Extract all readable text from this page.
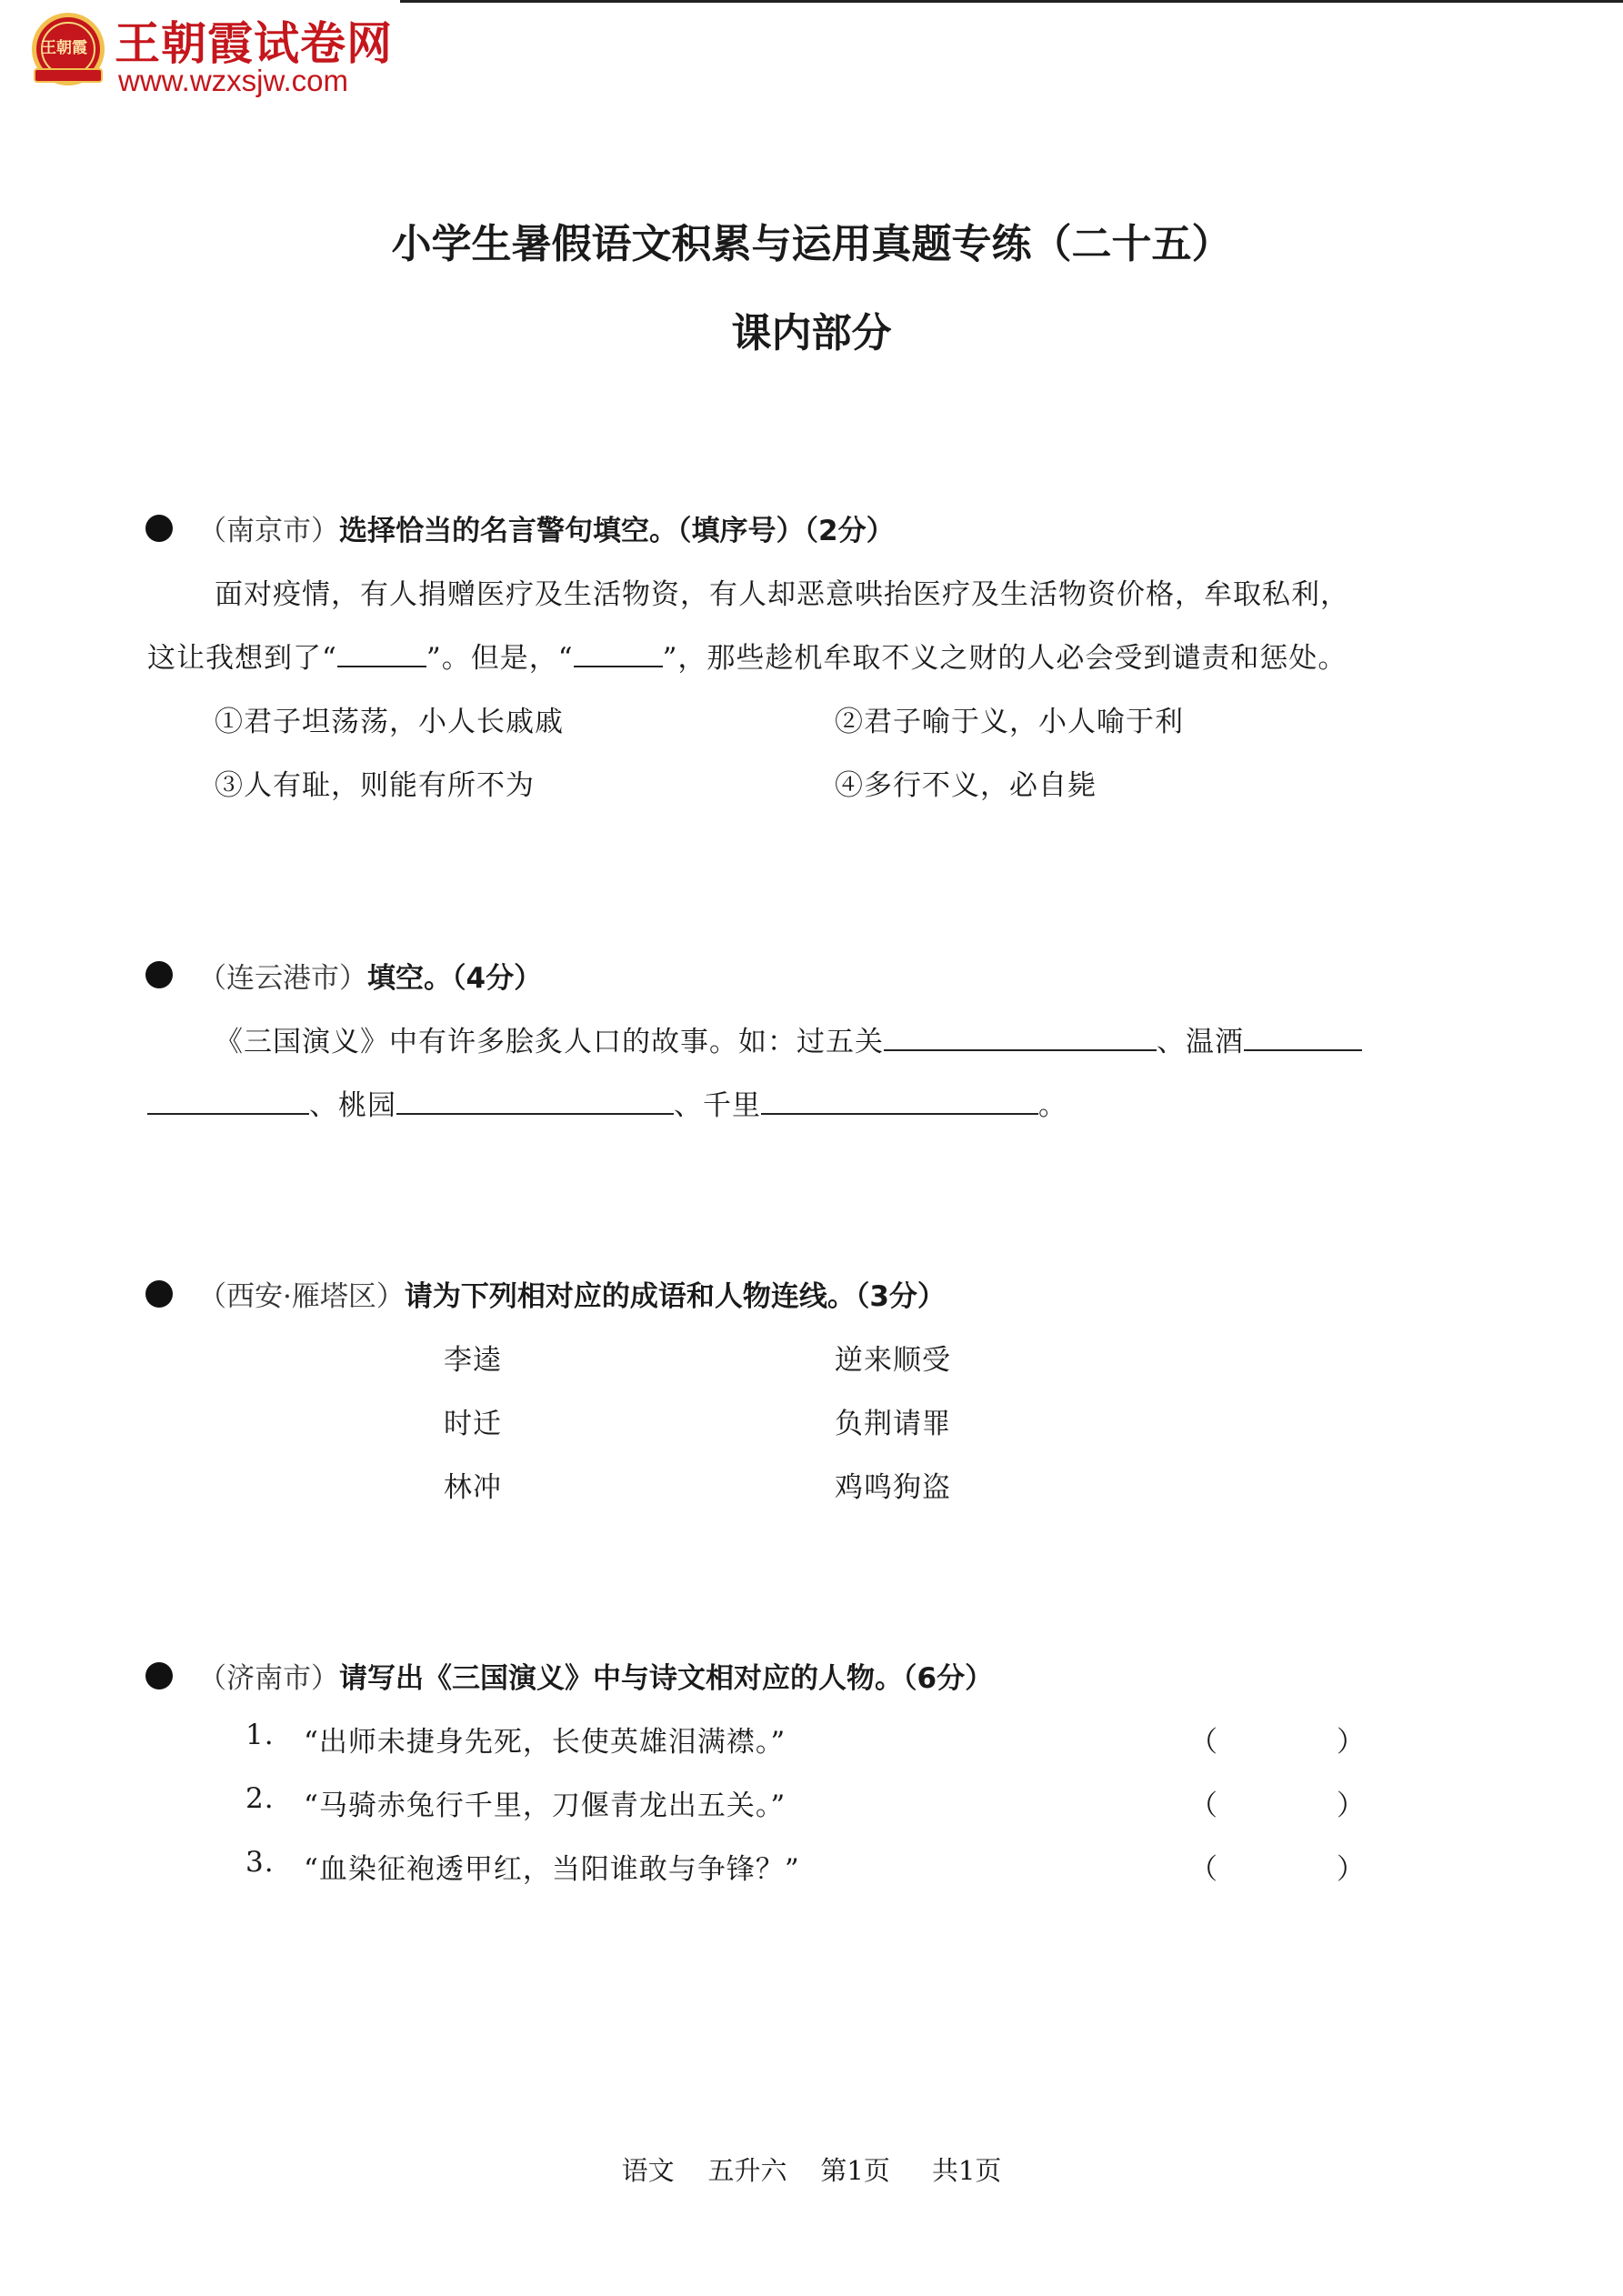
王朝霞 王朝霞试卷网
www.wzxsjw.com
小学生暑假语文积累与运用真题专练（二十五）
课内部分
（南京市）选择恰当的名言警句填空。（填序号）（2分）
面对疫情，有人捐赠医疗及生活物资，有人却恶意哄抬医疗及生活物资价格，牟取私利，
这让我想到了“	”。但是，“	”，那些趁机牟取不义之财的人必会受到谴责和惩处。
①君子坦荡荡，小人长戚戚	②君子喻于义，小人喻于利
③人有耻，则能有所不为	④多行不义，必自毙
（连云港市）填空。（4分）
《三国演义》中有许多脍炙人口的故事。如：过五关	、温酒
、桃园	、千里	。
（西安·雁塔区）请为下列相对应的成语和人物连线。（3分）
李逵	逆来顺受
时迁	负荆请罪
林冲	鸡鸣狗盗
（济南市）请写出《三国演义》中与诗文相对应的人物。（6分）
1. “出师未捷身先死，长使英雄泪满襟。”	（	）
2. “马骑赤兔行千里，刀偃青龙出五关。”	（	）
3. “血染征袍透甲红，当阳谁敢与争锋？”	（	）
语文 五升六 第1页 共1页
